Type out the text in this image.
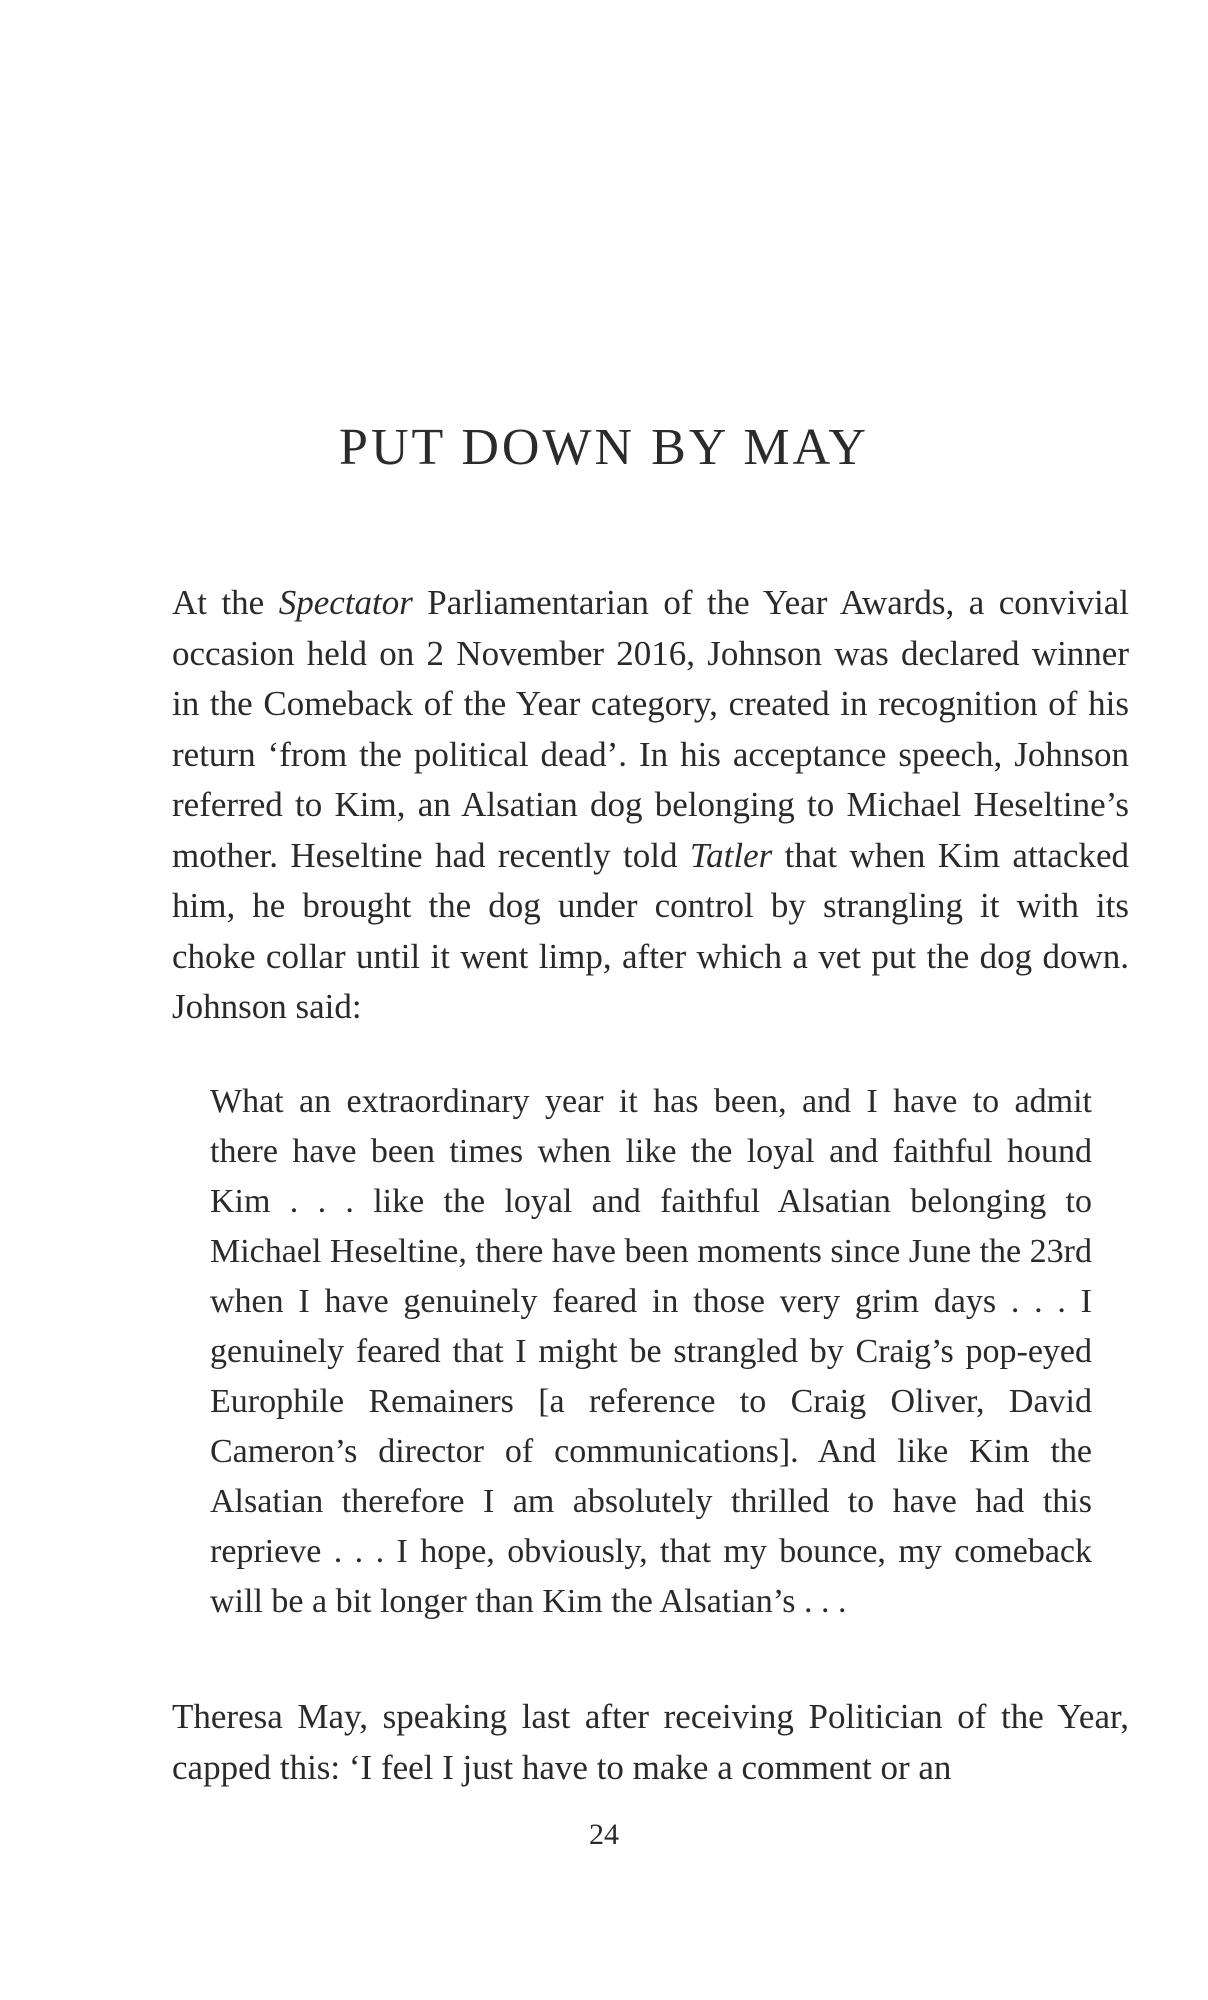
PUT DOWN BY MAY

At the Spectator Parliamentarian of the Year Awards, a convivial occasion held on 2 November 2016, Johnson was declared winner in the Comeback of the Year category, created in recognition of his return ‘from the political dead’. In his acceptance speech, Johnson referred to Kim, an Alsatian dog belonging to Michael Heseltine’s mother. Heseltine had recently told Tatler that when Kim attacked him, he brought the dog under control by strangling it with its choke collar until it went limp, after which a vet put the dog down. Johnson said:

What an extraordinary year it has been, and I have to admit there have been times when like the loyal and faithful hound Kim . . . like the loyal and faithful Alsatian belonging to Michael Heseltine, there have been moments since June the 23rd when I have genuinely feared in those very grim days . . . I genuinely feared that I might be strangled by Craig’s pop-eyed Europhile Remainers [a reference to Craig Oliver, David Cameron’s director of communications]. And like Kim the Alsatian therefore I am absolutely thrilled to have had this reprieve . . . I hope, obviously, that my bounce, my comeback will be a bit longer than Kim the Alsatian’s . . .

Theresa May, speaking last after receiving Politician of the Year, capped this: ‘I feel I just have to make a comment or an

24
